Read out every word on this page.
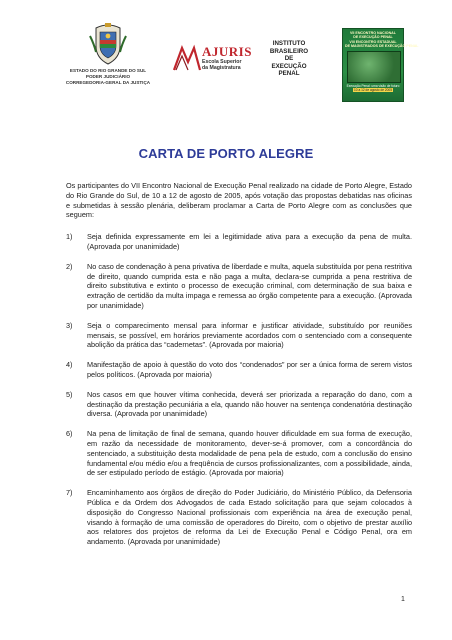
ESTADO DO RIO GRANDE DO SUL
PODER JUDICIÁRIO
CORREGEDORIA-GERAL DA JUSTIÇA
AJURIS
Escola Superior
da Magistratura
INSTITUTO
BRASILEIRO
DE
EXECUÇÃO
PENAL
VII ENCONTRO NACIONAL
DE EXECUÇÃO PENAL
VIII ENCONTRO ESTADUAL
DE MAGISTRADOS DE EXECUÇÃO PENAL
Execução Penal: uma visão de futuro
10 a 12 de agosto de 2005
CARTA DE PORTO ALEGRE

Os participantes do VII Encontro Nacional de Execução Penal realizado na cidade de Porto Alegre, Estado do Rio Grande do Sul, de 10 a 12 de agosto de 2005, após votação das propostas debatidas nas oficinas e submetidas à sessão plenária, deliberam proclamar a Carta de Porto Alegre com as conclusões que seguem:

1)	Seja definida expressamente em lei a legitimidade ativa para a execução da pena de multa. (Aprovada por unanimidade)
2)	No caso de condenação à pena privativa de liberdade e multa, aquela substituída por pena restritiva de direito, quando cumprida esta e não paga a multa, declara-se cumprida a pena restritiva de direito substitutiva e extinto o processo de execução criminal, com determinação de sua baixa e extração de certidão da multa impaga e remessa ao órgão competente para a execução. (Aprovada por unanimidade)
3)	Seja o comparecimento mensal para informar e justificar atividade, substituído por reuniões mensais, se possível, em horários previamente acordados com o sentenciado com a consequente abolição da prática das “cadernetas”. (Aprovada por maioria)
4)	Manifestação de apoio à questão do voto dos “condenados” por ser a única forma de serem vistos pelos políticos. (Aprovada por maioria)
5)	Nos casos em que houver vítima conhecida, deverá ser priorizada a reparação do dano, com a destinação da prestação pecuniária a ela, quando não houver na sentença condenatória destinação diversa. (Aprovada por unanimidade)
6)	Na pena de limitação de final de semana, quando houver dificuldade em sua forma de execução, em razão da necessidade de monitoramento, dever-se-á promover, com a concordância do sentenciado, a substituição desta modalidade de pena pela de estudo, com a conclusão do ensino fundamental e/ou médio e/ou a freqüência de cursos profissionalizantes, com a possibilidade, ainda, de ser estipulado período de estágio. (Aprovada por maioria)
7)	Encaminhamento aos órgãos de direção do Poder Judiciário, do Ministério Público, da Defensoria Pública e da Ordem dos Advogados de cada Estado solicitação para que sejam colocados à disposição do Congresso Nacional profissionais com experiência na área de execução penal, visando à formação de uma comissão de operadores do Direito, com o objetivo de prestar auxílio aos relatores dos projetos de reforma da Lei de Execução Penal e Código Penal, ora em andamento. (Aprovada por unanimidade)
1
